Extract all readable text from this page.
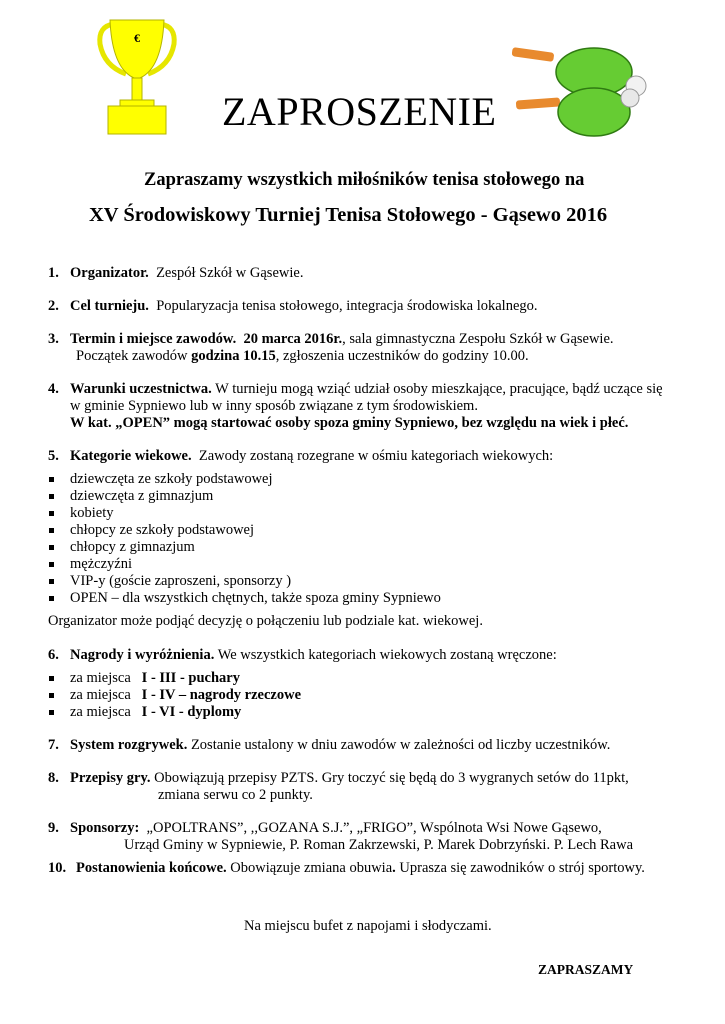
€
ZAPROSZENIE
Zapraszamy wszystkich miłośników tenisa stołowego na
XV Środowiskowy Turniej Tenisa Stołowego - Gąsewo 2016
1. Organizator. Zespół Szkół w Gąsewie.
2. Cel turnieju. Popularyzacja tenisa stołowego, integracja środowiska lokalnego.
3. Termin i miejsce zawodów. 20 marca 2016r., sala gimnastyczna Zespołu Szkół w Gąsewie.
Początek zawodów godzina 10.15, zgłoszenia uczestników do godziny 10.00.
4. Warunki uczestnictwa. W turnieju mogą wziąć udział osoby mieszkające, pracujące, bądź uczące się
w gminie Sypniewo lub w inny sposób związane z tym środowiskiem.
W kat. „OPEN” mogą startować osoby spoza gminy Sypniewo, bez względu na wiek i płeć.
5. Kategorie wiekowe. Zawody zostaną rozegrane w ośmiu kategoriach wiekowych:
dziewczęta ze szkoły podstawowej
dziewczęta z gimnazjum
kobiety
chłopcy ze szkoły podstawowej
chłopcy z gimnazjum
mężczyźni
VIP-y (goście zaproszeni, sponsorzy )
OPEN – dla wszystkich chętnych, także spoza gminy Sypniewo
Organizator może podjąć decyzję o połączeniu lub podziale kat. wiekowej.
6. Nagrody i wyróżnienia. We wszystkich kategoriach wiekowych zostaną wręczone:
za miejsca   I - III - puchary
za miejsca   I - IV – nagrody rzeczowe
za miejsca   I - VI - dyplomy
7. System rozgrywek. Zostanie ustalony w dniu zawodów w zależności od liczby uczestników.
8. Przepisy gry. Obowiązują przepisy PZTS. Gry toczyć się będą do 3 wygranych setów do 11pkt,
zmiana serwu co 2 punkty.
9. Sponsorzy: „OPOLTRANS”, ,,GOZANA S.J.”, „FRIGO”, Wspólnota Wsi Nowe Gąsewo,
Urząd Gminy w Sypniewie, P. Roman Zakrzewski, P. Marek Dobrzyński. P. Lech Rawa
10. Postanowienia końcowe. Obowiązuje zmiana obuwia. Uprasza się zawodników o strój sportowy.
Na miejscu bufet z napojami i słodyczami.
ZAPRASZAMY
